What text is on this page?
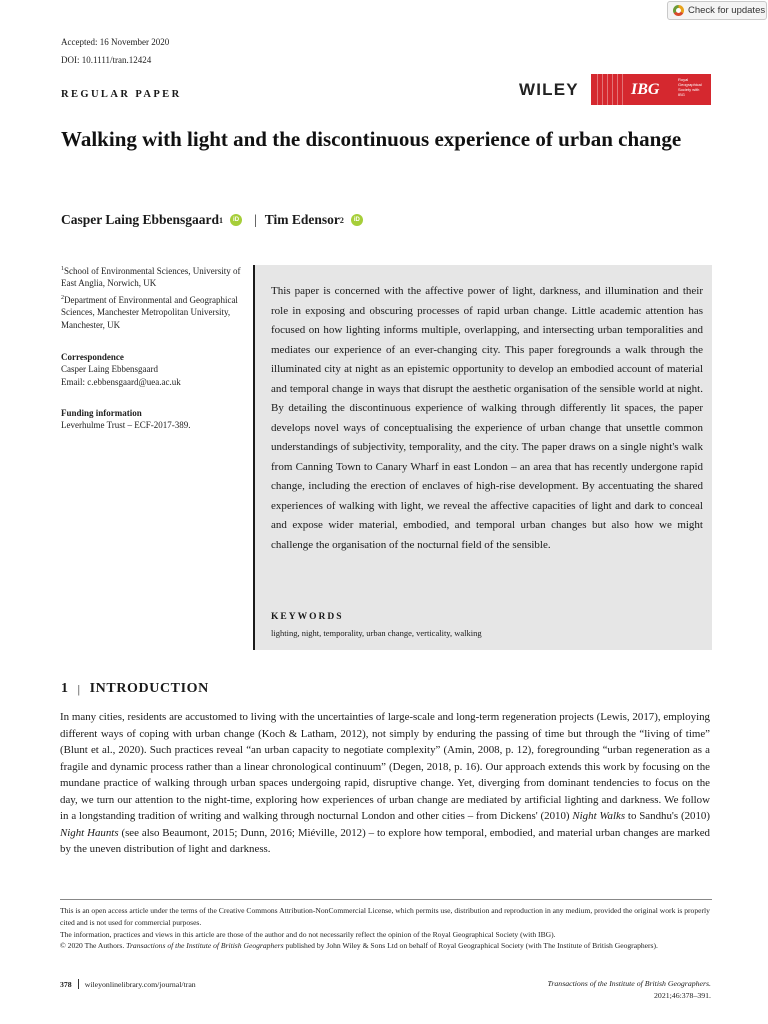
Check for updates
Accepted: 16 November 2020
DOI: 10.1111/tran.12424
REGULAR PAPER	WILEY	IBG
Royal Geographical Society with IBG
Walking with light and the discontinuous experience of urban change
Casper Laing Ebbensgaard 1	iD | Tim Edensor 2	iD
$^1$School of Environmental Sciences, University of East Anglia, Norwich, UK
$^2$Department of Environmental and Geographical Sciences, Manchester Metropolitan University, Manchester, UK
Correspondence
Casper Laing Ebbensgaard
Email: c.ebbensgaard@uea.ac.uk
Funding information
Leverhulme Trust – ECF-2017-389.
This paper is concerned with the affective power of light, darkness, and illumination and their role in exposing and obscuring processes of rapid urban change. Little academic attention has focused on how lighting informs multiple, overlapping, and intersecting urban temporalities and mediates our experience of an ever-changing city. This paper foregrounds a walk through the illuminated city at night as an epistemic opportunity to develop an embodied account of material and temporal change in ways that disrupt the aesthetic organisation of the sensible world at night. By detailing the discontinuous experience of walking through differently lit spaces, the paper develops novel ways of conceptualising the experience of urban change that unsettle common understandings of subjectivity, temporality, and the city. The paper draws on a single night's walk from Canning Town to Canary Wharf in east London – an area that has recently undergone rapid change, including the erection of enclaves of high-rise development. By accentuating the shared experiences of walking with light, we reveal the affective capacities of light and dark to conceal and expose wider material, embodied, and temporal urban changes but also how we might challenge the organisation of the nocturnal field of the sensible.
KEYWORDS
lighting, night, temporality, urban change, verticality, walking
1 | INTRODUCTION
In many cities, residents are accustomed to living with the uncertainties of large-scale and long-term regeneration projects (Lewis, 2017), employing different ways of coping with urban change (Koch & Latham, 2012), not simply by enduring the passing of time but through the “living of time” (Blunt et al., 2020). Such practices reveal “an urban capacity to negotiate complexity” (Amin, 2008, p. 12), foregrounding “urban regeneration as a fragile and dynamic process rather than a linear chronological continuum” (Degen, 2018, p. 16). Our approach extends this work by focusing on the mundane practice of walking through urban spaces undergoing rapid, disruptive change. Yet, diverging from dominant tendencies to focus on the day, we turn our attention to the night-time, exploring how experiences of urban change are mediated by artificial lighting and darkness. We follow in a longstanding tradition of writing and walking through nocturnal London and other cities – from Dickens' (2010) Night Walks to Sandhu's (2010) Night Haunts (see also Beaumont, 2015; Dunn, 2016; Miéville, 2012) – to explore how temporal, embodied, and material urban changes are marked by the uneven distribution of light and darkness.
This is an open access article under the terms of the Creative Commons Attribution-NonCommercial License, which permits use, distribution and reproduction in any medium, provided the original work is properly cited and is not used for commercial purposes.
The information, practices and views in this article are those of the author and do not necessarily reflect the opinion of the Royal Geographical Society (with IBG).
© 2020 The Authors. Transactions of the Institute of British Geographers published by John Wiley & Sons Ltd on behalf of Royal Geographical Society (with The Institute of British Geographers).
378 wileyonlinelibrary.com/journal/tran	Transactions of the Institute of British Geographers.
2021;46:378–391.
